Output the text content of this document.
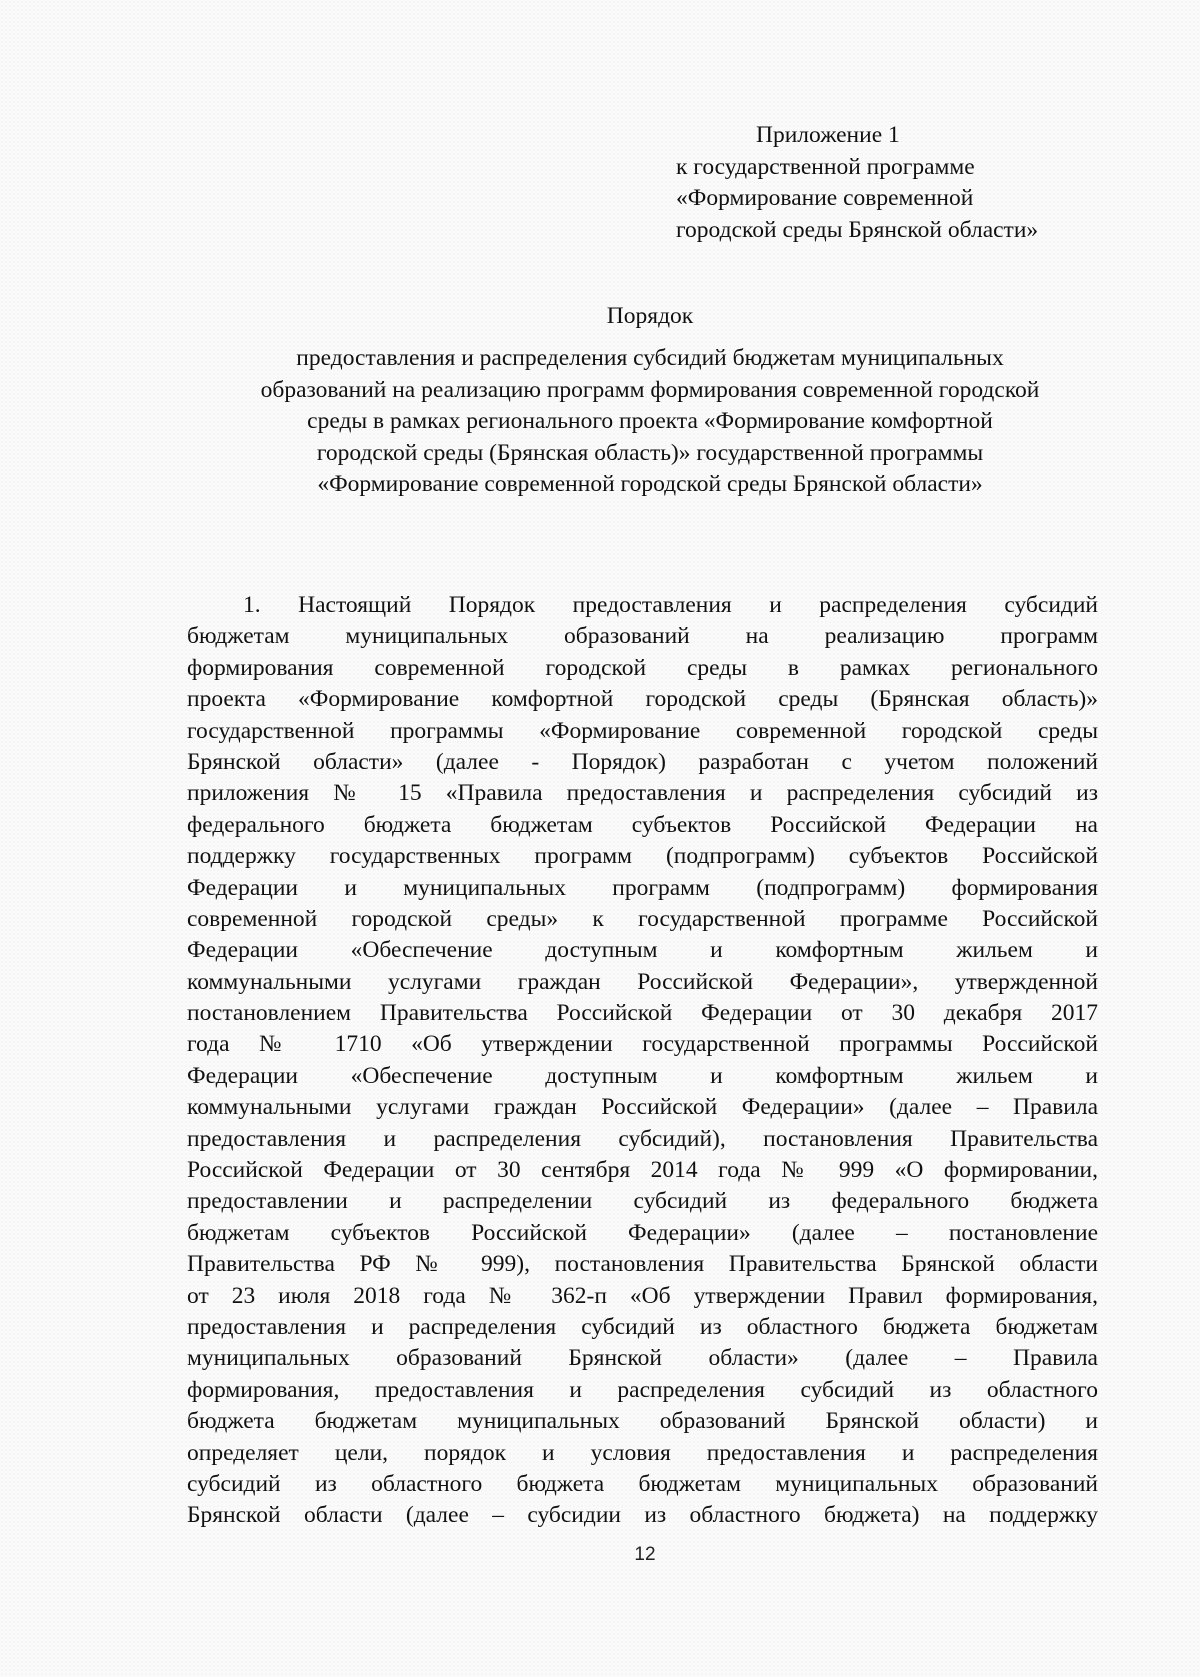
Приложение 1
к государственной программе
«Формирование современной
городской среды Брянской области»
Порядок
предоставления и распределения субсидий бюджетам муниципальных
образований на реализацию программ формирования современной городской
среды в рамках регионального проекта «Формирование комфортной
городской среды (Брянская область)» государственной программы
«Формирование современной городской среды Брянской области»
1. Настоящий Порядок предоставления и распределения субсидий
бюджетам муниципальных образований на реализацию программ
формирования современной городской среды в рамках регионального
проекта «Формирование комфортной городской среды (Брянская область)»
государственной программы «Формирование современной городской среды
Брянской области» (далее - Порядок) разработан с учетом положений
приложения № 15 «Правила предоставления и распределения субсидий из
федерального бюджета бюджетам субъектов Российской Федерации на
поддержку государственных программ (подпрограмм) субъектов Российской
Федерации и муниципальных программ (подпрограмм) формирования
современной городской среды» к государственной программе Российской
Федерации «Обеспечение доступным и комфортным жильем и
коммунальными услугами граждан Российской Федерации», утвержденной
постановлением Правительства Российской Федерации от 30 декабря 2017
года № 1710 «Об утверждении государственной программы Российской
Федерации «Обеспечение доступным и комфортным жильем и
коммунальными услугами граждан Российской Федерации» (далее – Правила
предоставления и распределения субсидий), постановления Правительства
Российской Федерации от 30 сентября 2014 года № 999 «О формировании,
предоставлении и распределении субсидий из федерального бюджета
бюджетам субъектов Российской Федерации» (далее – постановление
Правительства РФ № 999), постановления Правительства Брянской области
от 23 июля 2018 года № 362-п «Об утверждении Правил формирования,
предоставления и распределения субсидий из областного бюджета бюджетам
муниципальных образований Брянской области» (далее – Правила
формирования, предоставления и распределения субсидий из областного
бюджета бюджетам муниципальных образований Брянской области) и
определяет цели, порядок и условия предоставления и распределения
субсидий из областного бюджета бюджетам муниципальных образований
Брянской области (далее – субсидии из областного бюджета) на поддержку
12
